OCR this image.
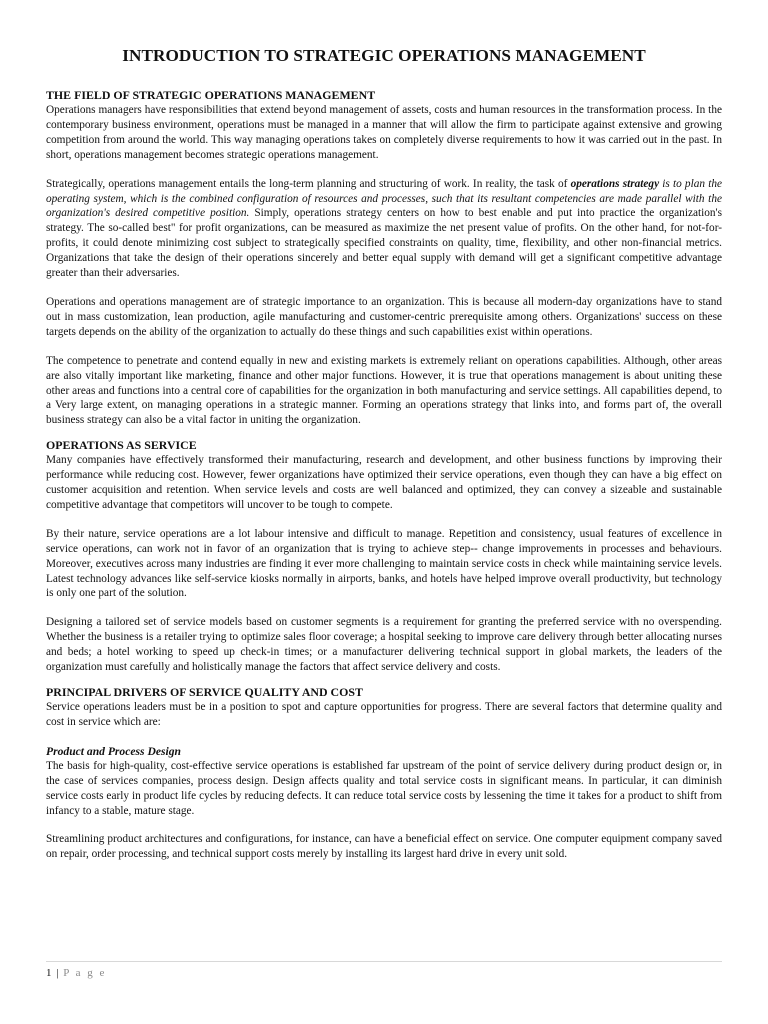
INTRODUCTION TO STRATEGIC OPERATIONS MANAGEMENT
THE FIELD OF STRATEGIC OPERATIONS MANAGEMENT

Operations managers have responsibilities that extend beyond management of assets, costs and human resources in the transformation process. In the contemporary business environment, operations must be managed in a manner that will allow the firm to participate against extensive and growing competition from around the world. This way managing operations takes on completely diverse requirements to how it was carried out in the past. In short, operations management becomes strategic operations management.

Strategically, operations management entails the long-term planning and structuring of work. In reality, the task of operations strategy is to plan the operating system, which is the combined configuration of resources and processes, such that its resultant competencies are made parallel with the organization's desired competitive position. Simply, operations strategy centers on how to best enable and put into practice the organization's strategy. The so-called best" for profit organizations, can be measured as maximize the net present value of profits. On the other hand, for not-for-profits, it could denote minimizing cost subject to strategically specified constraints on quality, time, flexibility, and other non-financial metrics. Organizations that take the design of their operations sincerely and better equal supply with demand will get a significant competitive advantage greater than their adversaries.

Operations and operations management are of strategic importance to an organization. This is because all modern-day organizations have to stand out in mass customization, lean production, agile manufacturing and customer-centric prerequisite among others. Organizations' success on these targets depends on the ability of the organization to actually do these things and such capabilities exist within operations.

The competence to penetrate and contend equally in new and existing markets is extremely reliant on operations capabilities. Although, other areas are also vitally important like marketing, finance and other major functions. However, it is true that operations management is about uniting these other areas and functions into a central core of capabilities for the organization in both manufacturing and service settings. All capabilities depend, to a Very large extent, on managing operations in a strategic manner. Forming an operations strategy that links into, and forms part of, the overall business strategy can also be a vital factor in uniting the organization.

OPERATIONS AS SERVICE

Many companies have effectively transformed their manufacturing, research and development, and other business functions by improving their performance while reducing cost. However, fewer organizations have optimized their service operations, even though they can have a big effect on customer acquisition and retention. When service levels and costs are well balanced and optimized, they can convey a sizeable and sustainable competitive advantage that competitors will uncover to be tough to compete.

By their nature, service operations are a lot labour intensive and difficult to manage. Repetition and consistency, usual features of excellence in service operations, can work not in favor of an organization that is trying to achieve step-- change improvements in processes and behaviours. Moreover, executives across many industries are finding it ever more challenging to maintain service costs in check while maintaining service levels. Latest technology advances like self-service kiosks normally in airports, banks, and hotels have helped improve overall productivity, but technology is only one part of the solution.

Designing a tailored set of service models based on customer segments is a requirement for granting the preferred service with no overspending. Whether the business is a retailer trying to optimize sales floor coverage; a hospital seeking to improve care delivery through better allocating nurses and beds; a hotel working to speed up check-in times; or a manufacturer delivering technical support in global markets, the leaders of the organization must carefully and holistically manage the factors that affect service delivery and costs.

PRINCIPAL DRIVERS OF SERVICE QUALITY AND COST

Service operations leaders must be in a position to spot and capture opportunities for progress. There are several factors that determine quality and cost in service which are:

Product and Process Design

The basis for high-quality, cost-effective service operations is established far upstream of the point of service delivery during product design or, in the case of services companies, process design. Design affects quality and total service costs in significant means. In particular, it can diminish service costs early in product life cycles by reducing defects. It can reduce total service costs by lessening the time it takes for a product to shift from infancy to a stable, mature stage.

Streamlining product architectures and configurations, for instance, can have a beneficial effect on service. One computer equipment company saved on repair, order processing, and technical support costs merely by installing its largest hard drive in every unit sold.

1 | P a g e
